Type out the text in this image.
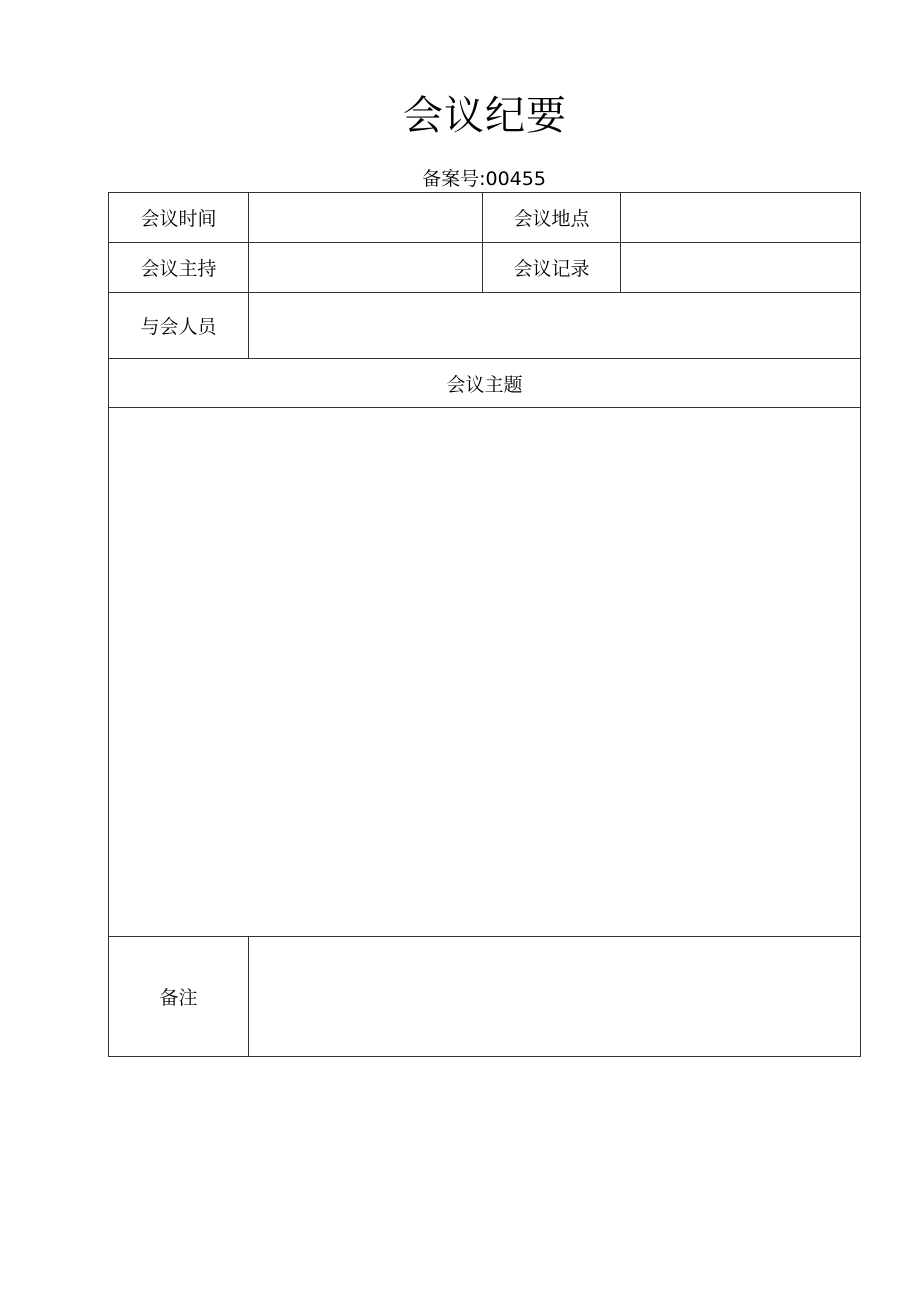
会议纪要
备案号:00455
会议时间		会议地点	
会议主持		会议记录	
与会人员			
会议主题			

备注			
